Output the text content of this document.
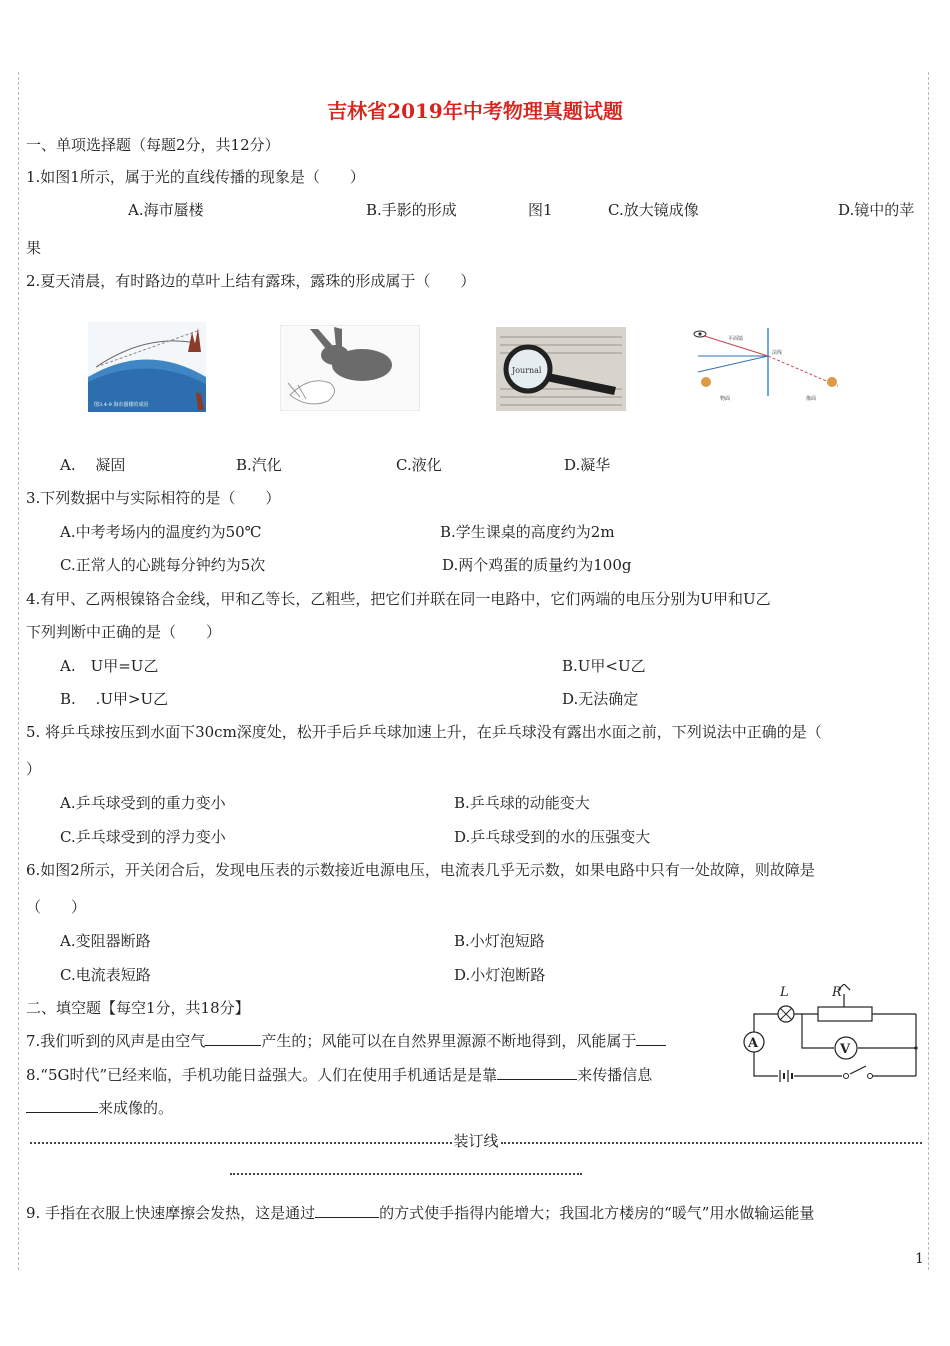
吉林省2019年中考物理真题试题
一、单项选择题（每题2分，共12分）
1.如图1所示，属于光的直线传播的现象是（　　）
A.海市蜃楼	B.手影的形成	图1	C.放大镜成像	D.镜中的苹
果
2.夏天清晨，有时路边的草叶上结有露珠，露珠的形成属于（　　）
图3.4-9 海市蜃楼的成因
Journal
平面镜
法线
物面	像面
A.　 凝固	B.汽化	C.液化	D.凝华
3.下列数据中与实际相符的是（　　）
A.中考考场内的温度约为50℃	B.学生课桌的高度约为2m
C.正常人的心跳每分钟约为5次	D.两个鸡蛋的质量约为100g
4.有甲、乙两根镍铬合金线，甲和乙等长，乙粗些，把它们并联在同一电路中，它们两端的电压分别为U甲和U乙
下列判断中正确的是（　　）
A.　U甲=U乙	B.U甲<U乙
B.　 .U甲>U乙	D.无法确定
5. 将乒乓球按压到水面下30cm深度处，松开手后乒乓球加速上升，在乒乓球没有露出水面之前，下列说法中正确的是（
）
A.乒乓球受到的重力变小	B.乒乓球的动能变大
C.乒乓球受到的浮力变小	D.乒乓球受到的水的压强变大
6.如图2所示，开关闭合后，发现电压表的示数接近电源电压，电流表几乎无示数，如果电路中只有一处故障，则故障是
（　　）
A.变阻器断路	B.小灯泡短路
C.电流表短路	D.小灯泡断路
二、填空题【每空1分，共18分】
7.我们听到的风声是由空气	产生的；风能可以在自然界里源源不断地得到，风能属于
8.“5G时代”已经来临，手机功能日益强大。人们在使用手机通话是是靠	来传播信息
来成像的。
L	R
A	V
装订线
9. 手指在衣服上快速摩擦会发热，这是通过	的方式使手指得内能增大；我国北方楼房的“暖气”用水做输运能量
1
